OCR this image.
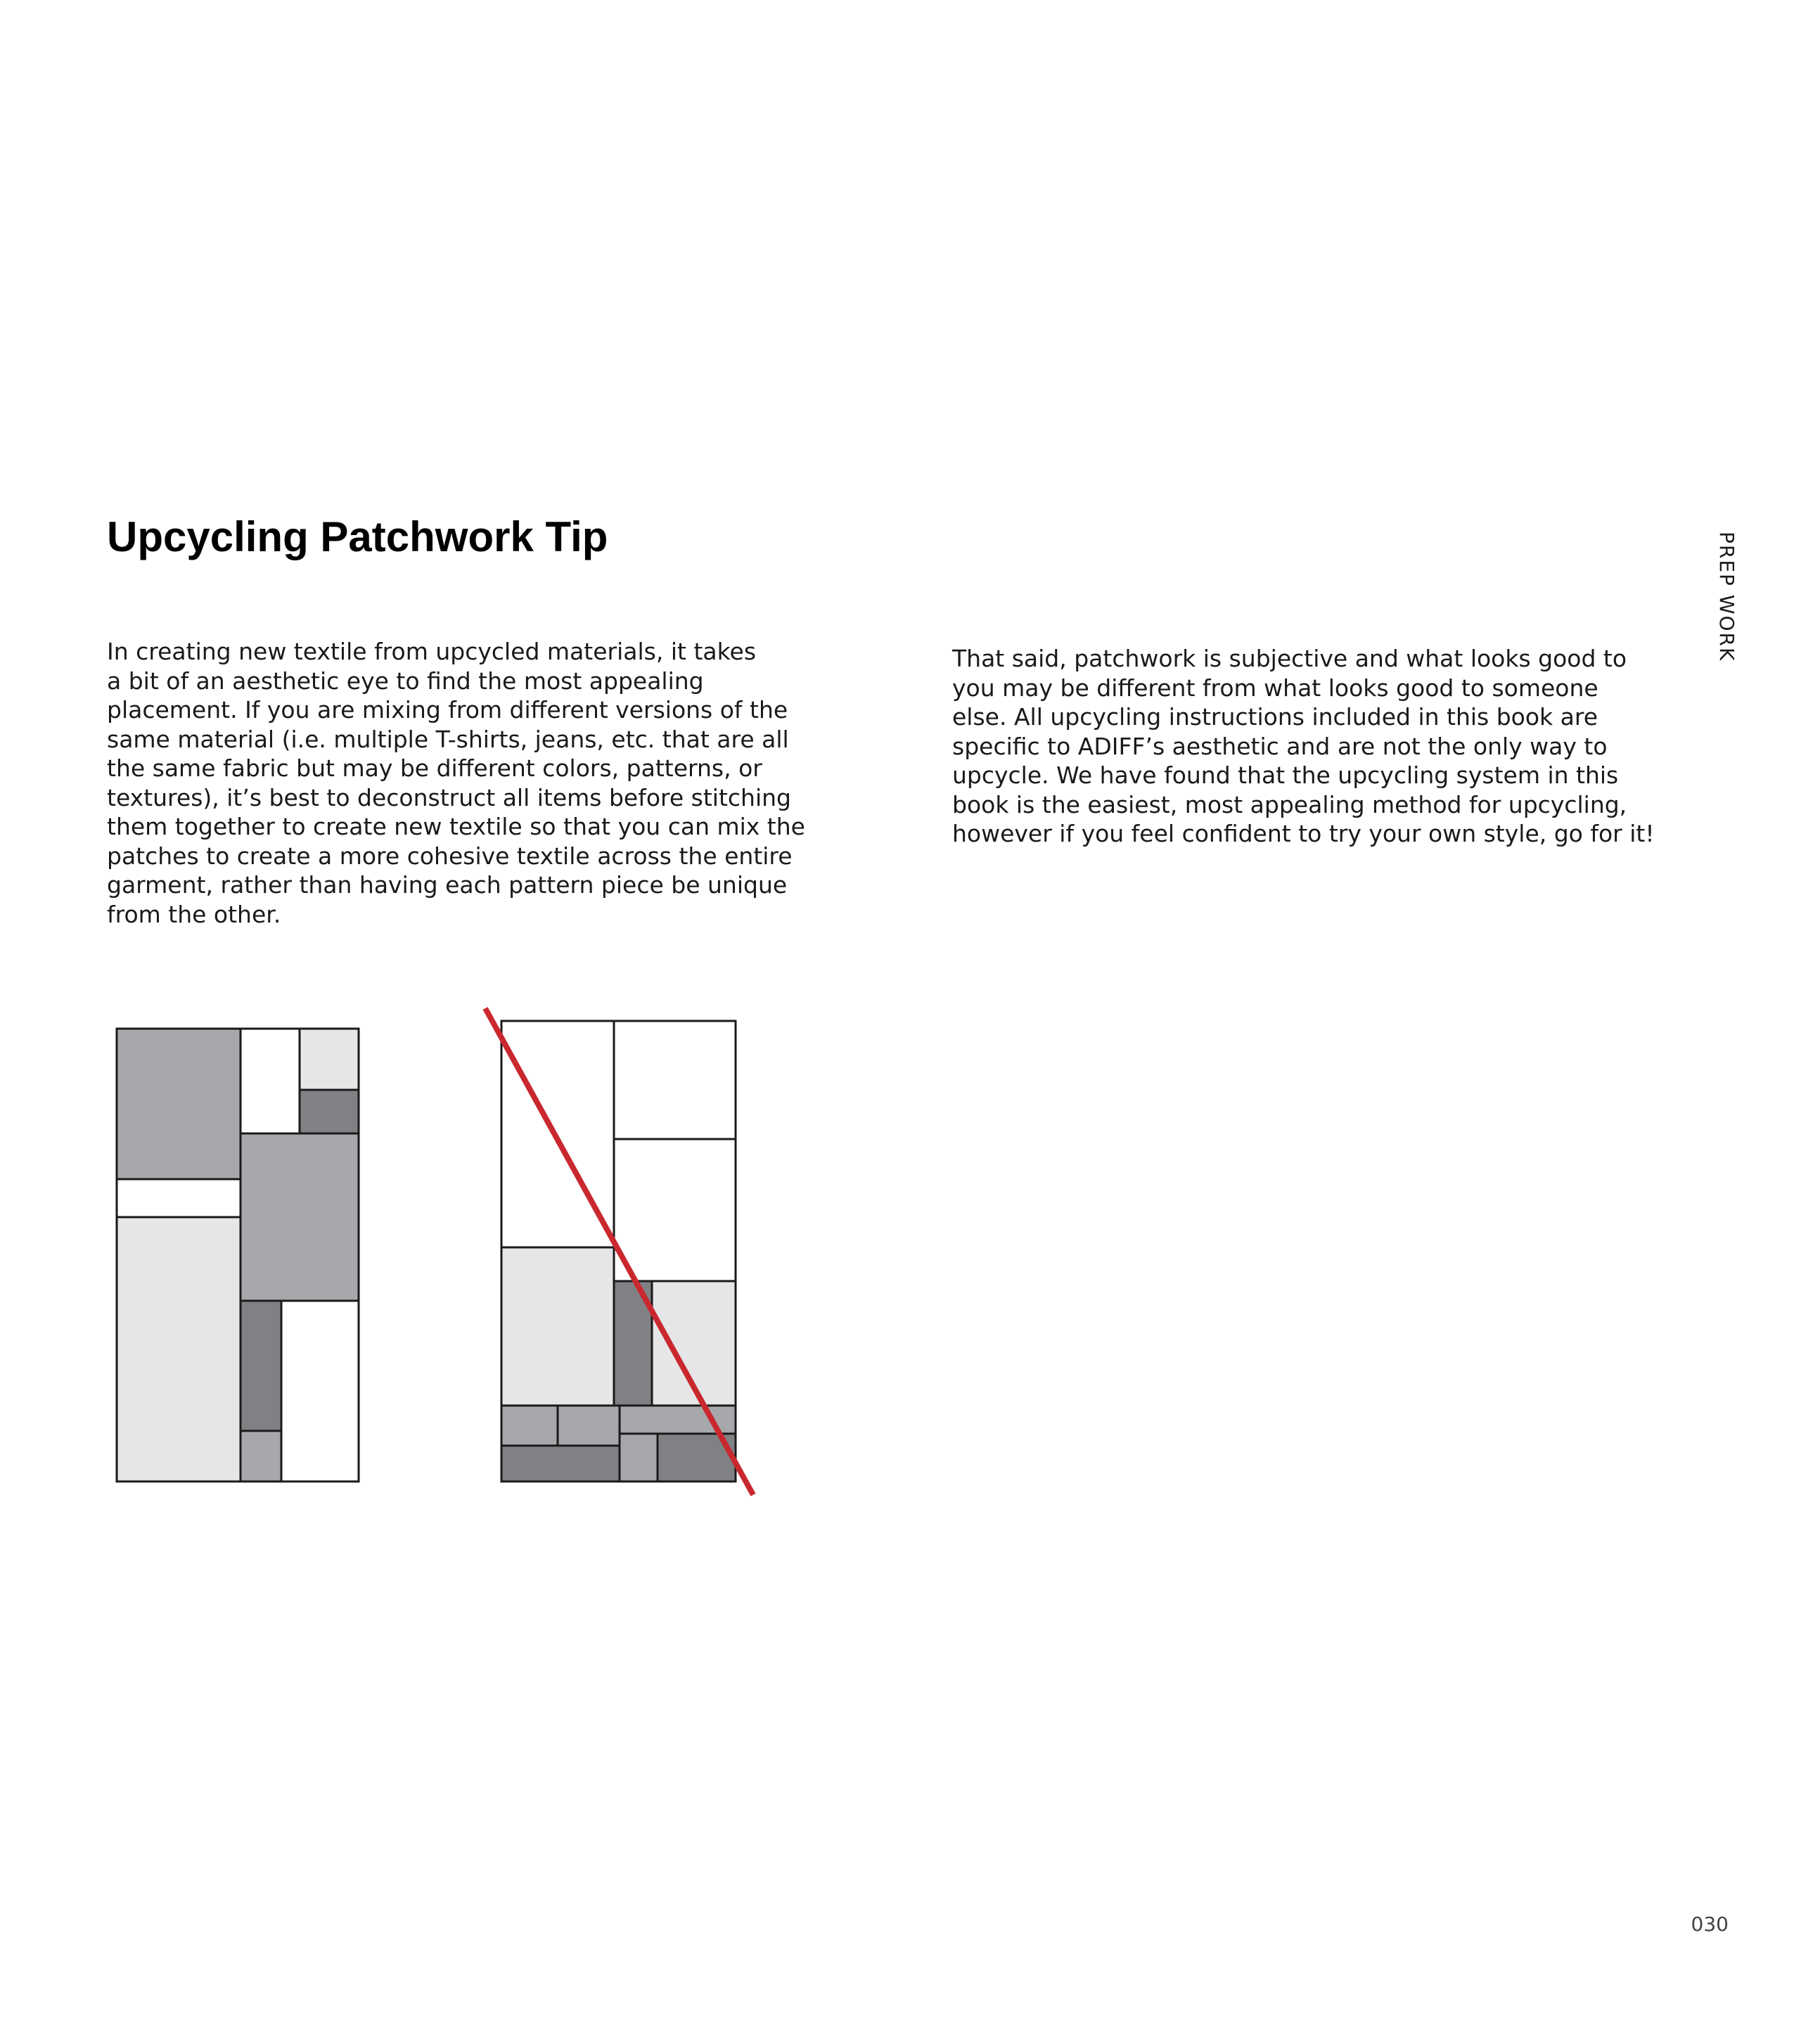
Upcycling Patchwork Tip

In creating new textile from upcycled materials, it takes
a bit of an aesthetic eye to find the most appealing
placement. If you are mixing from different versions of the
same material (i.e. multiple T-shirts, jeans, etc. that are all
the same fabric but may be different colors, patterns, or
textures), it’s best to deconstruct all items before stitching
them together to create new textile so that you can mix the
patches to create a more cohesive textile across the entire
garment, rather than having each pattern piece be unique
from the other.

That said, patchwork is subjective and what looks good to
you may be different from what looks good to someone
else. All upcycling instructions included in this book are
specific to ADIFF’s aesthetic and are not the only way to
upcycle. We have found that the upcycling system in this
book is the easiest, most appealing method for upcycling,
however if you feel confident to try your own style, go for it!

PREP WORK
030
